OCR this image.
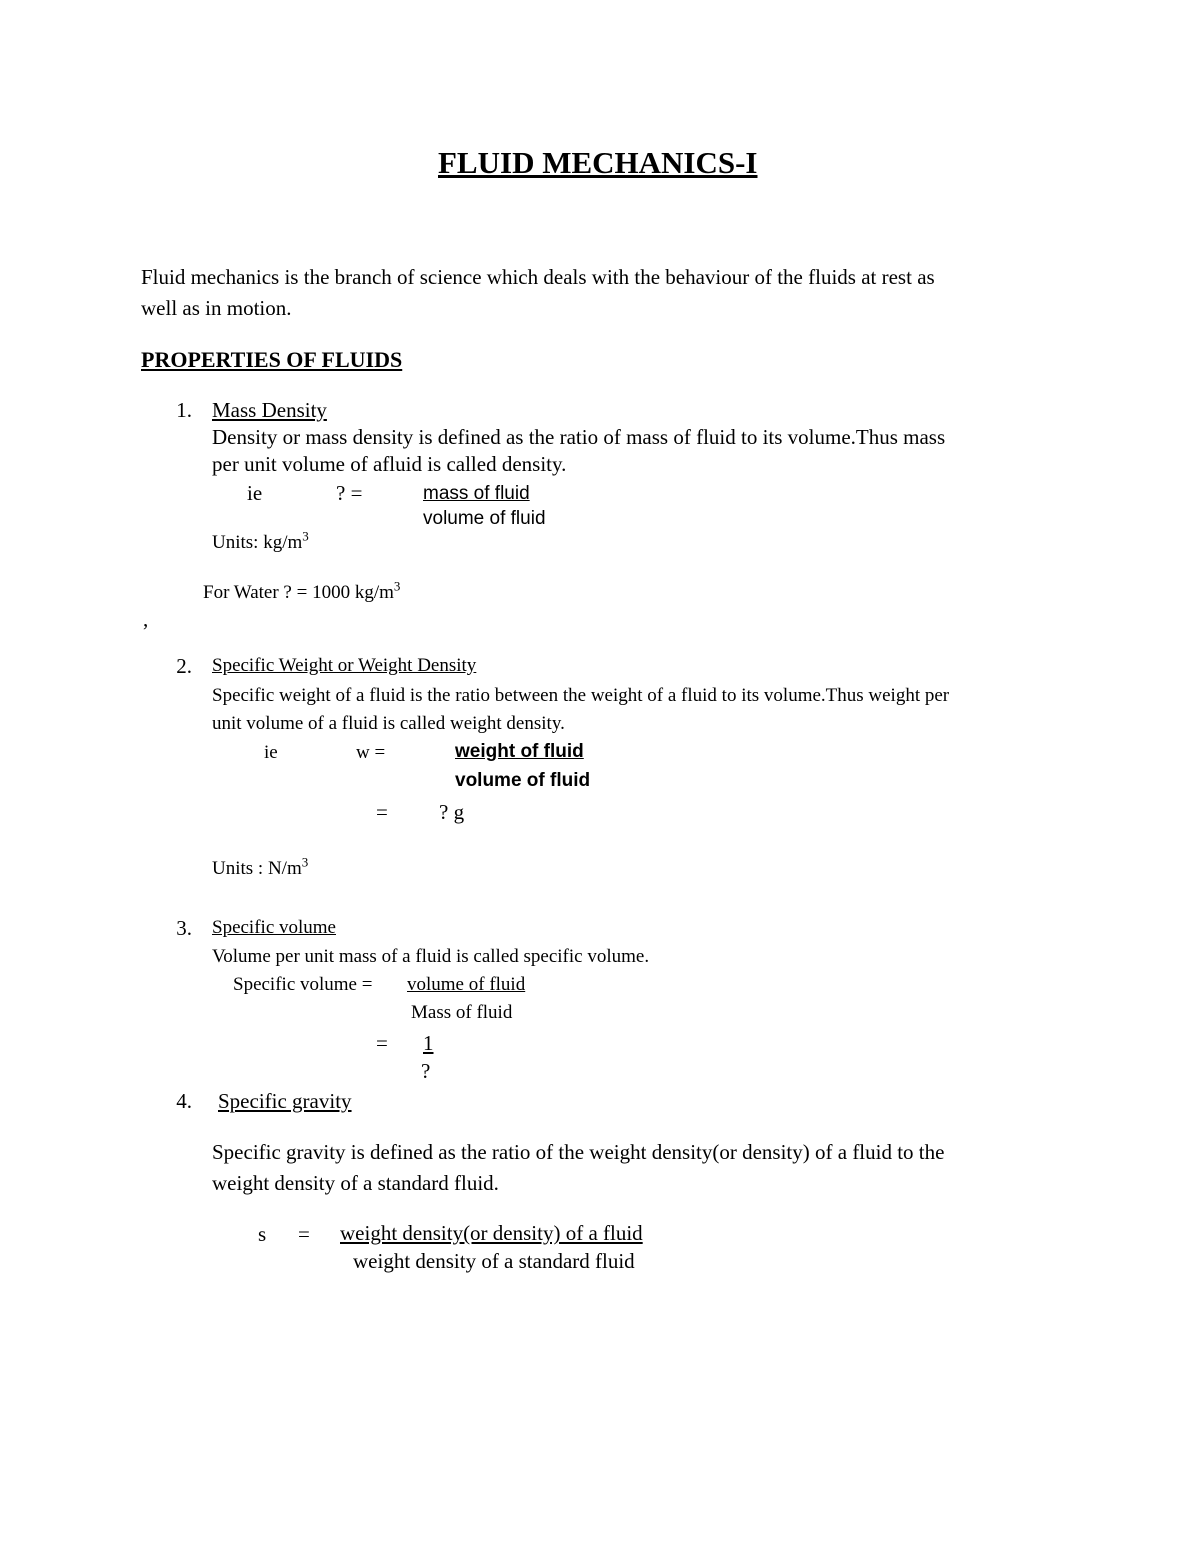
FLUID MECHANICS-I
Fluid mechanics is the branch of science which deals with the behaviour of the fluids at rest as
well as in motion.
PROPERTIES OF FLUIDS
1. Mass Density
Density or mass density is defined as the ratio of mass of fluid to its volume.Thus mass
per unit volume of afluid is called density.
ie	? =	mass of fluid
volume of fluid
Units: $kg/m^3$
For Water ? = 1000 $kg/m^3$
,
2. Specific Weight or Weight Density
Specific weight of a fluid is the ratio between the weight of a fluid to its volume.Thus weight per
unit volume of a fluid is called weight density.
ie	w =	weight of fluid
volume of fluid
= ? g
Units : $N/m^3$
3. Specific volume
Volume per unit mass of a fluid is called specific volume.
Specific volume = volume of fluid
Mass of fluid
= 1
?
4. Specific gravity
Specific gravity is defined as the ratio of the weight density(or density) of a fluid to the
weight density of a standard fluid.
s = weight density(or density) of a fluid
weight density of a standard fluid
